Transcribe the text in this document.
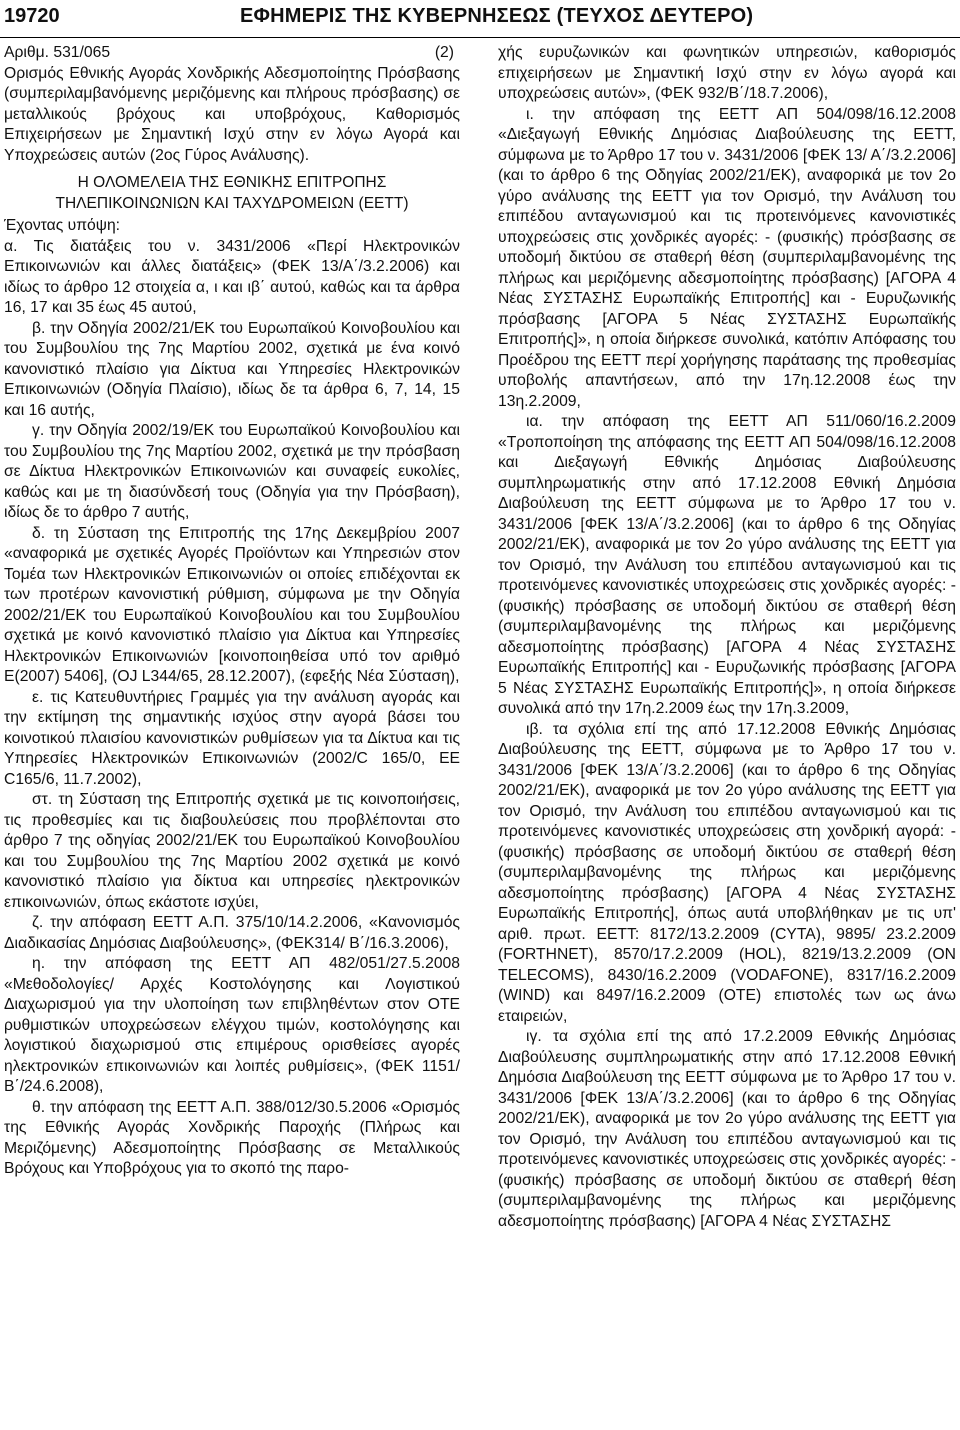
19720	ΕΦΗΜΕΡΙΣ ΤΗΣ ΚΥΒΕΡΝΗΣΕΩΣ (ΤΕΥΧΟΣ ΔΕΥΤΕΡΟ)
Αριθμ. 531/065	(2)

Ορισμός Εθνικής Αγοράς Χονδρικής Αδεσμοποίητης Πρόσβασης (συμπεριλαμβανόμενης μεριζόμενης και πλήρους πρόσβασης) σε μεταλλικούς βρόχους και υποβρόχους, Καθορισμός Επιχειρήσεων με Σημαντική Ισχύ στην εν λόγω Αγορά και Υποχρεώσεις αυτών (2ος Γύρος Ανάλυσης).

Η ΟΛΟΜΕΛΕΙΑ ΤΗΣ ΕΘΝΙΚΗΣ ΕΠΙΤΡΟΠΗΣ
ΤΗΛΕΠΙΚΟΙΝΩΝΙΩΝ ΚΑΙ ΤΑΧΥΔΡΟΜΕΙΩΝ (ΕΕΤΤ)

Έχοντας υπόψη:

α. Τις διατάξεις του ν. 3431/2006 «Περί Ηλεκτρονικών Επικοινωνιών και άλλες διατάξεις» (ΦΕΚ 13/Α΄/3.2.2006) και ιδίως το άρθρο 12 στοιχεία α, ι και ιβ΄ αυτού, καθώς και τα άρθρα 16, 17 και 35 έως 45 αυτού,

β. την Οδηγία 2002/21/ΕΚ του Ευρωπαϊκού Κοινοβουλίου και του Συμβουλίου της 7ης Μαρτίου 2002, σχετικά με ένα κοινό κανονιστικό πλαίσιο για Δίκτυα και Υπηρεσίες Ηλεκτρονικών Επικοινωνιών (Οδηγία Πλαίσιο), ιδίως δε τα άρθρα 6, 7, 14, 15 και 16 αυτής,

γ. την Οδηγία 2002/19/ΕΚ του Ευρωπαϊκού Κοινοβουλίου και του Συμβουλίου της 7ης Μαρτίου 2002, σχετικά με την πρόσβαση σε Δίκτυα Ηλεκτρονικών Επικοινωνιών και συναφείς ευκολίες, καθώς και με τη διασύνδεσή τους (Οδηγία για την Πρόσβαση), ιδίως δε το άρθρο 7 αυτής,

δ. τη Σύσταση της Επιτροπής της 17ης Δεκεμβρίου 2007 «αναφορικά με σχετικές Αγορές Προϊόντων και Υπηρεσιών στον Τομέα των Ηλεκτρονικών Επικοινωνιών οι οποίες επιδέχονται εκ των προτέρων κανονιστική ρύθμιση, σύμφωνα με την Οδηγία 2002/21/ΕΚ του Ευρωπαϊκού Κοινοβουλίου και του Συμβουλίου σχετικά με κοινό κανονιστικό πλαίσιο για Δίκτυα και Υπηρεσίες Ηλεκτρονικών Επικοινωνιών [κοινοποιηθείσα υπό τον αριθμό Ε(2007) 5406], (OJ L344/65, 28.12.2007), (εφεξής Νέα Σύσταση),

ε. τις Κατευθυντήριες Γραμμές για την ανάλυση αγοράς και την εκτίμηση της σημαντικής ισχύος στην αγορά βάσει του κοινοτικού πλαισίου κανονιστικών ρυθμίσεων για τα Δίκτυα και τις Υπηρεσίες Ηλεκτρονικών Επικοινωνιών (2002/C 165/0, ΕΕ C165/6, 11.7.2002),

στ. τη Σύσταση της Επιτροπής σχετικά με τις κοινοποιήσεις, τις προθεσμίες και τις διαβουλεύσεις που προβλέπονται στο άρθρο 7 της οδηγίας 2002/21/ΕΚ του Ευρωπαϊκού Κοινοβουλίου και του Συμβουλίου της 7ης Μαρτίου 2002 σχετικά με κοινό κανονιστικό πλαίσιο για δίκτυα και υπηρεσίες ηλεκτρονικών επικοινωνιών, όπως εκάστοτε ισχύει,

ζ. την απόφαση ΕΕΤΤ Α.Π. 375/10/14.2.2006, «Κανονισμός Διαδικασίας Δημόσιας Διαβούλευσης», (ΦΕΚ314/ Β΄/16.3.2006),

η. την απόφαση της ΕΕΤΤ ΑΠ 482/051/27.5.2008 «Μεθοδολογίες/ Αρχές Κοστολόγησης και Λογιστικού Διαχωρισμού για την υλοποίηση των επιβληθέντων στον ΟΤΕ ρυθμιστικών υποχρεώσεων ελέγχου τιμών, κοστολόγησης και λογιστικού διαχωρισμού στις επιμέρους ορισθείσες αγορές ηλεκτρονικών επικοινωνιών και λοιπές ρυθμίσεις», (ΦΕΚ 1151/Β΄/24.6.2008),

θ. την απόφαση της ΕΕΤΤ Α.Π. 388/012/30.5.2006 «Ορισμός της Εθνικής Αγοράς Χονδρικής Παροχής (Πλήρως και Μεριζόμενης) Αδεσμοποίητης Πρόσβασης σε Μεταλλικούς Βρόχους και Υποβρόχους για το σκοπό της παρο-

χής ευρυζωνικών και φωνητικών υπηρεσιών, καθορισμός επιχειρήσεων με Σημαντική Ισχύ στην εν λόγω αγορά και υποχρεώσεις αυτών», (ΦΕΚ 932/Β΄/18.7.2006),

ι. την απόφαση της ΕΕΤΤ ΑΠ 504/098/16.12.2008 «Διεξαγωγή Εθνικής Δημόσιας Διαβούλευσης της ΕΕΤΤ, σύμφωνα με το Άρθρο 17 του ν. 3431/2006 [ΦΕΚ 13/ Α΄/3.2.2006] (και το άρθρο 6 της Οδηγίας 2002/21/ΕΚ), αναφορικά με τον 2ο γύρο ανάλυσης της ΕΕΤΤ για τον Ορισμό, την Ανάλυση του επιπέδου ανταγωνισμού και τις προτεινόμενες κανονιστικές υποχρεώσεις στις χονδρικές αγορές: - (φυσικής) πρόσβασης σε υποδομή δικτύου σε σταθερή θέση (συμπεριλαμβανομένης της πλήρως και μεριζόμενης αδεσμοποίητης πρόσβασης) [ΑΓΟΡΑ 4 Νέας ΣΥΣΤΑΣΗΣ Ευρωπαϊκής Επιτροπής] και - Ευρυζωνικής πρόσβασης [ΑΓΟΡΑ 5 Νέας ΣΥΣΤΑΣΗΣ Ευρωπαϊκής Επιτροπής]», η οποία διήρκεσε συνολικά, κατόπιν Απόφασης του Προέδρου της ΕΕΤΤ περί χορήγησης παράτασης της προθεσμίας υποβολής απαντήσεων, από την 17η.12.2008 έως την 13η.2.2009,

ια. την απόφαση της ΕΕΤΤ ΑΠ 511/060/16.2.2009 «Τροποποίηση της απόφασης της ΕΕΤΤ ΑΠ 504/098/16.12.2008 και Διεξαγωγή Εθνικής Δημόσιας Διαβούλευσης συμπληρωματικής στην από 17.12.2008 Εθνική Δημόσια Διαβούλευση της ΕΕΤΤ σύμφωνα με το Άρθρο 17 του ν. 3431/2006 [ΦΕΚ 13/Α΄/3.2.2006] (και το άρθρο 6 της Οδηγίας 2002/21/ΕΚ), αναφορικά με τον 2ο γύρο ανάλυσης της ΕΕΤΤ για τον Ορισμό, την Ανάλυση του επιπέδου ανταγωνισμού και τις προτεινόμενες κανονιστικές υποχρεώσεις στις χονδρικές αγορές: - (φυσικής) πρόσβασης σε υποδομή δικτύου σε σταθερή θέση (συμπεριλαμβανομένης της πλήρως και μεριζόμενης αδεσμοποίητης πρόσβασης) [ΑΓΟΡΑ 4 Νέας ΣΥΣΤΑΣΗΣ Ευρωπαϊκής Επιτροπής] και - Ευρυζωνικής πρόσβασης [ΑΓΟΡΑ 5 Νέας ΣΥΣΤΑΣΗΣ Ευρωπαϊκής Επιτροπής]», η οποία διήρκεσε συνολικά από την 17η.2.2009 έως την 17η.3.2009,

ιβ. τα σχόλια επί της από 17.12.2008 Εθνικής Δημόσιας Διαβούλευσης της ΕΕΤΤ, σύμφωνα με το Άρθρο 17 του ν. 3431/2006 [ΦΕΚ 13/Α΄/3.2.2006] (και το άρθρο 6 της Οδηγίας 2002/21/ΕΚ), αναφορικά με τον 2ο γύρο ανάλυσης της ΕΕΤΤ για τον Ορισμό, την Ανάλυση του επιπέδου ανταγωνισμού και τις προτεινόμενες κανονιστικές υποχρεώσεις στη χονδρική αγορά: - (φυσικής) πρόσβασης σε υποδομή δικτύου σε σταθερή θέση (συμπεριλαμβανομένης της πλήρως και μεριζόμενης αδεσμοποίητης πρόσβασης) [ΑΓΟΡΑ 4 Νέας ΣΥΣΤΑΣΗΣ Ευρωπαϊκής Επιτροπής], όπως αυτά υποβλήθηκαν με τις υπ' αριθ. πρωτ. ΕΕΤΤ: 8172/13.2.2009 (CYTA), 9895/ 23.2.2009 (FORTHNET), 8570/17.2.2009 (HOL), 8219/13.2.2009 (ON TELECOMS), 8430/16.2.2009 (VODAFONE), 8317/16.2.2009 (WIND) και 8497/16.2.2009 (ΟΤΕ) επιστολές των ως άνω εταιρειών,

ιγ. τα σχόλια επί της από 17.2.2009 Εθνικής Δημόσιας Διαβούλευσης συμπληρωματικής στην από 17.12.2008 Εθνική Δημόσια Διαβούλευση της ΕΕΤΤ σύμφωνα με το Άρθρο 17 του ν. 3431/2006 [ΦΕΚ 13/Α΄/3.2.2006] (και το άρθρο 6 της Οδηγίας 2002/21/ΕΚ), αναφορικά με τον 2ο γύρο ανάλυσης της ΕΕΤΤ για τον Ορισμό, την Ανάλυση του επιπέδου ανταγωνισμού και τις προτεινόμενες κανονιστικές υποχρεώσεις στις χονδρικές αγορές: - (φυσικής) πρόσβασης σε υποδομή δικτύου σε σταθερή θέση (συμπεριλαμβανομένης της πλήρως και μεριζόμενης αδεσμοποίητης πρόσβασης) [ΑΓΟΡΑ 4 Νέας ΣΥΣΤΑΣΗΣ
